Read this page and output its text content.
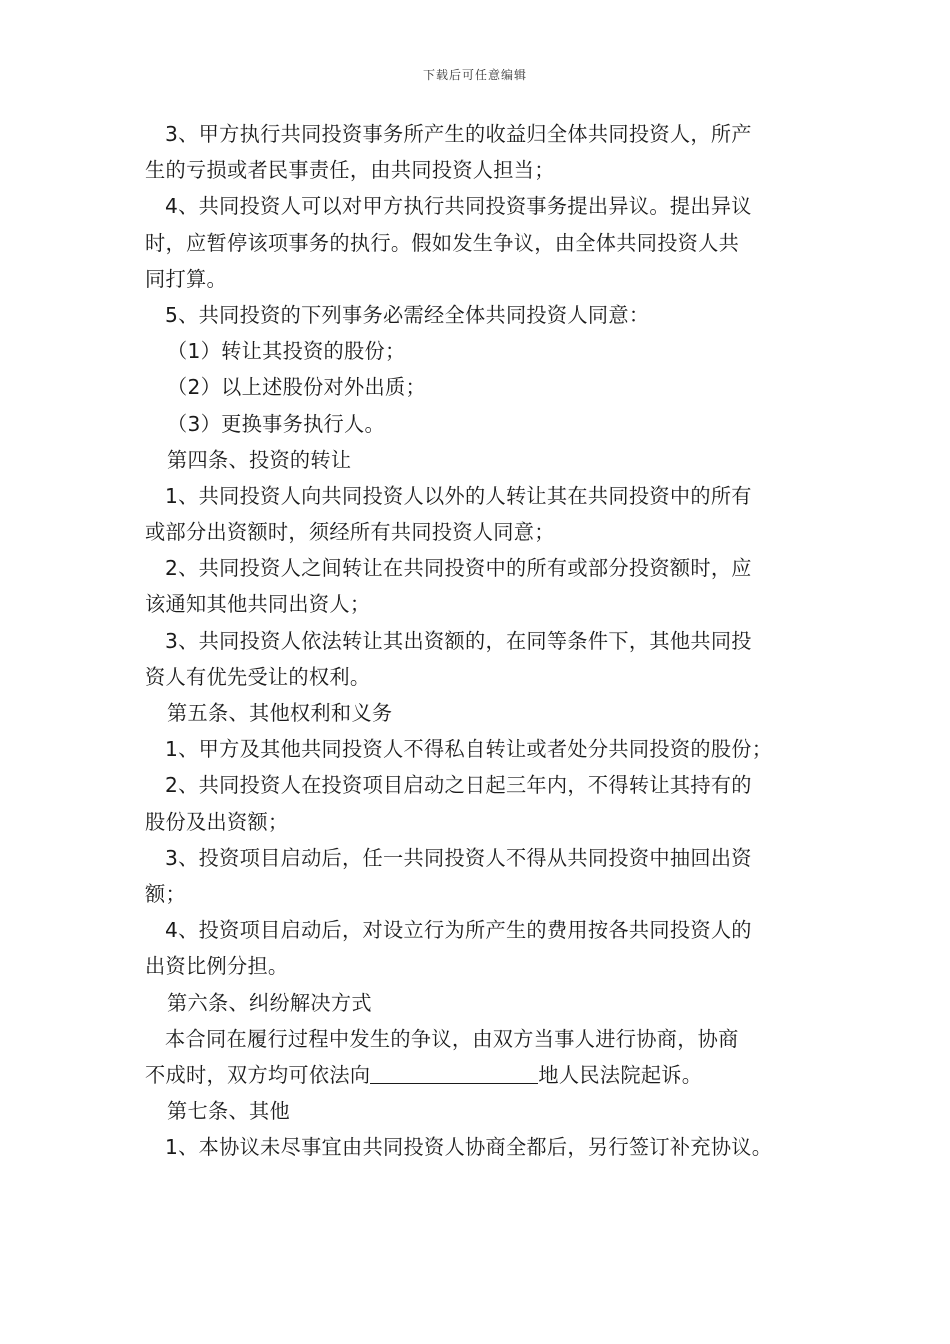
下载后可任意编辑
3、甲方执行共同投资事务所产生的收益归全体共同投资人，所产
生的亏损或者民事责任，由共同投资人担当；
4、共同投资人可以对甲方执行共同投资事务提出异议。提出异议
时，应暂停该项事务的执行。假如发生争议，由全体共同投资人共
同打算。
5、共同投资的下列事务必需经全体共同投资人同意：
（1）转让其投资的股份；
（2）以上述股份对外出质；
（3）更换事务执行人。
第四条、投资的转让
1、共同投资人向共同投资人以外的人转让其在共同投资中的所有
或部分出资额时，须经所有共同投资人同意；
2、共同投资人之间转让在共同投资中的所有或部分投资额时，应
该通知其他共同出资人；
3、共同投资人依法转让其出资额的，在同等条件下，其他共同投
资人有优先受让的权利。
第五条、其他权利和义务
1、甲方及其他共同投资人不得私自转让或者处分共同投资的股份；
2、共同投资人在投资项目启动之日起三年内，不得转让其持有的
股份及出资额；
3、投资项目启动后，任一共同投资人不得从共同投资中抽回出资
额；
4、投资项目启动后，对设立行为所产生的费用按各共同投资人的
出资比例分担。
第六条、纠纷解决方式
本合同在履行过程中发生的争议，由双方当事人进行协商，协商
不成时，双方均可依法向	地人民法院起诉。
第七条、其他
1、本协议未尽事宜由共同投资人协商全都后，另行签订补充协议。
